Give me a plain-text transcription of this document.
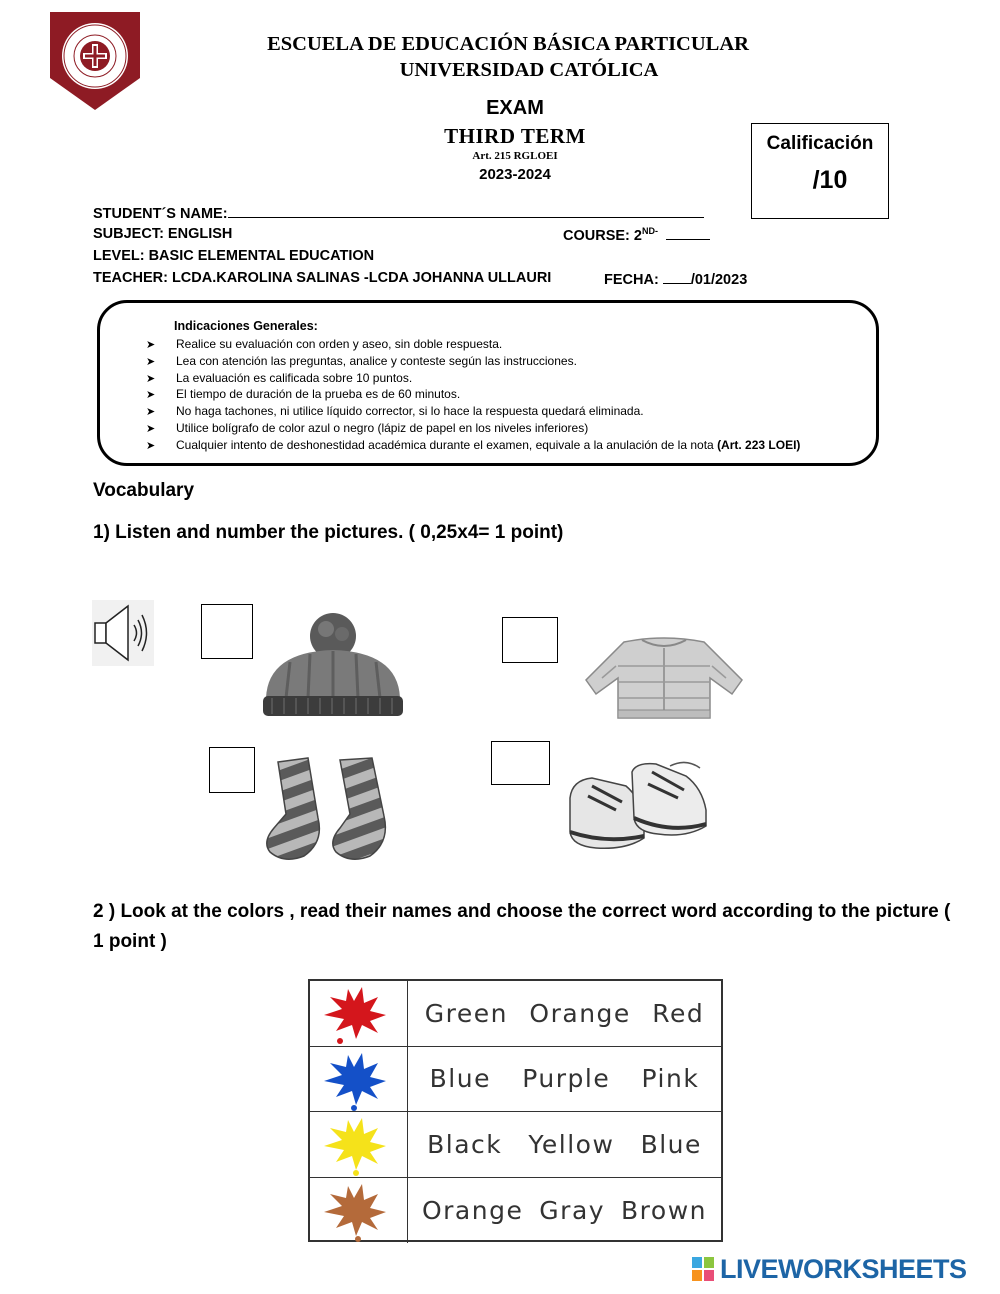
ESCUELA DE EDUCACIÓN BÁSICA PARTICULAR
UNIVERSIDAD CATÓLICA
EXAM
THIRD TERM
Art. 215 RGLOEI
2023-2024
Calificación
/10
STUDENT´S NAME:
SUBJECT: ENGLISH	COURSE: $2^{ND-}$
LEVEL: BASIC ELEMENTAL EDUCATION
TEACHER: LCDA.KAROLINA SALINAS -LCDA JOHANNA ULLAURI	FECHA: /01/2023
Indicaciones Generales:
➤ Realice su evaluación con orden y aseo, sin doble respuesta.
➤ Lea con atención las preguntas, analice y conteste según las instrucciones.
➤ La evaluación es calificada sobre 10 puntos.
➤ El tiempo de duración de la prueba es de 60 minutos.
➤ No haga tachones, ni utilice líquido corrector, si lo hace la respuesta quedará eliminada.
➤ Utilice bolígrafo de color azul o negro (lápiz de papel en los niveles inferiores)
➤ Cualquier intento de deshonestidad académica durante el examen, equivale a la anulación de la nota (Art. 223 LOEI)
Vocabulary
1) Listen and number the pictures. ( 0,25x4= 1 point)
2 ) Look at the colors , read their names and choose the correct word according to the picture ( 1 point )
Green Orange Red
Blue Purple Pink
Black Yellow Blue
Orange Gray Brown
LIVEWORKSHEETS
